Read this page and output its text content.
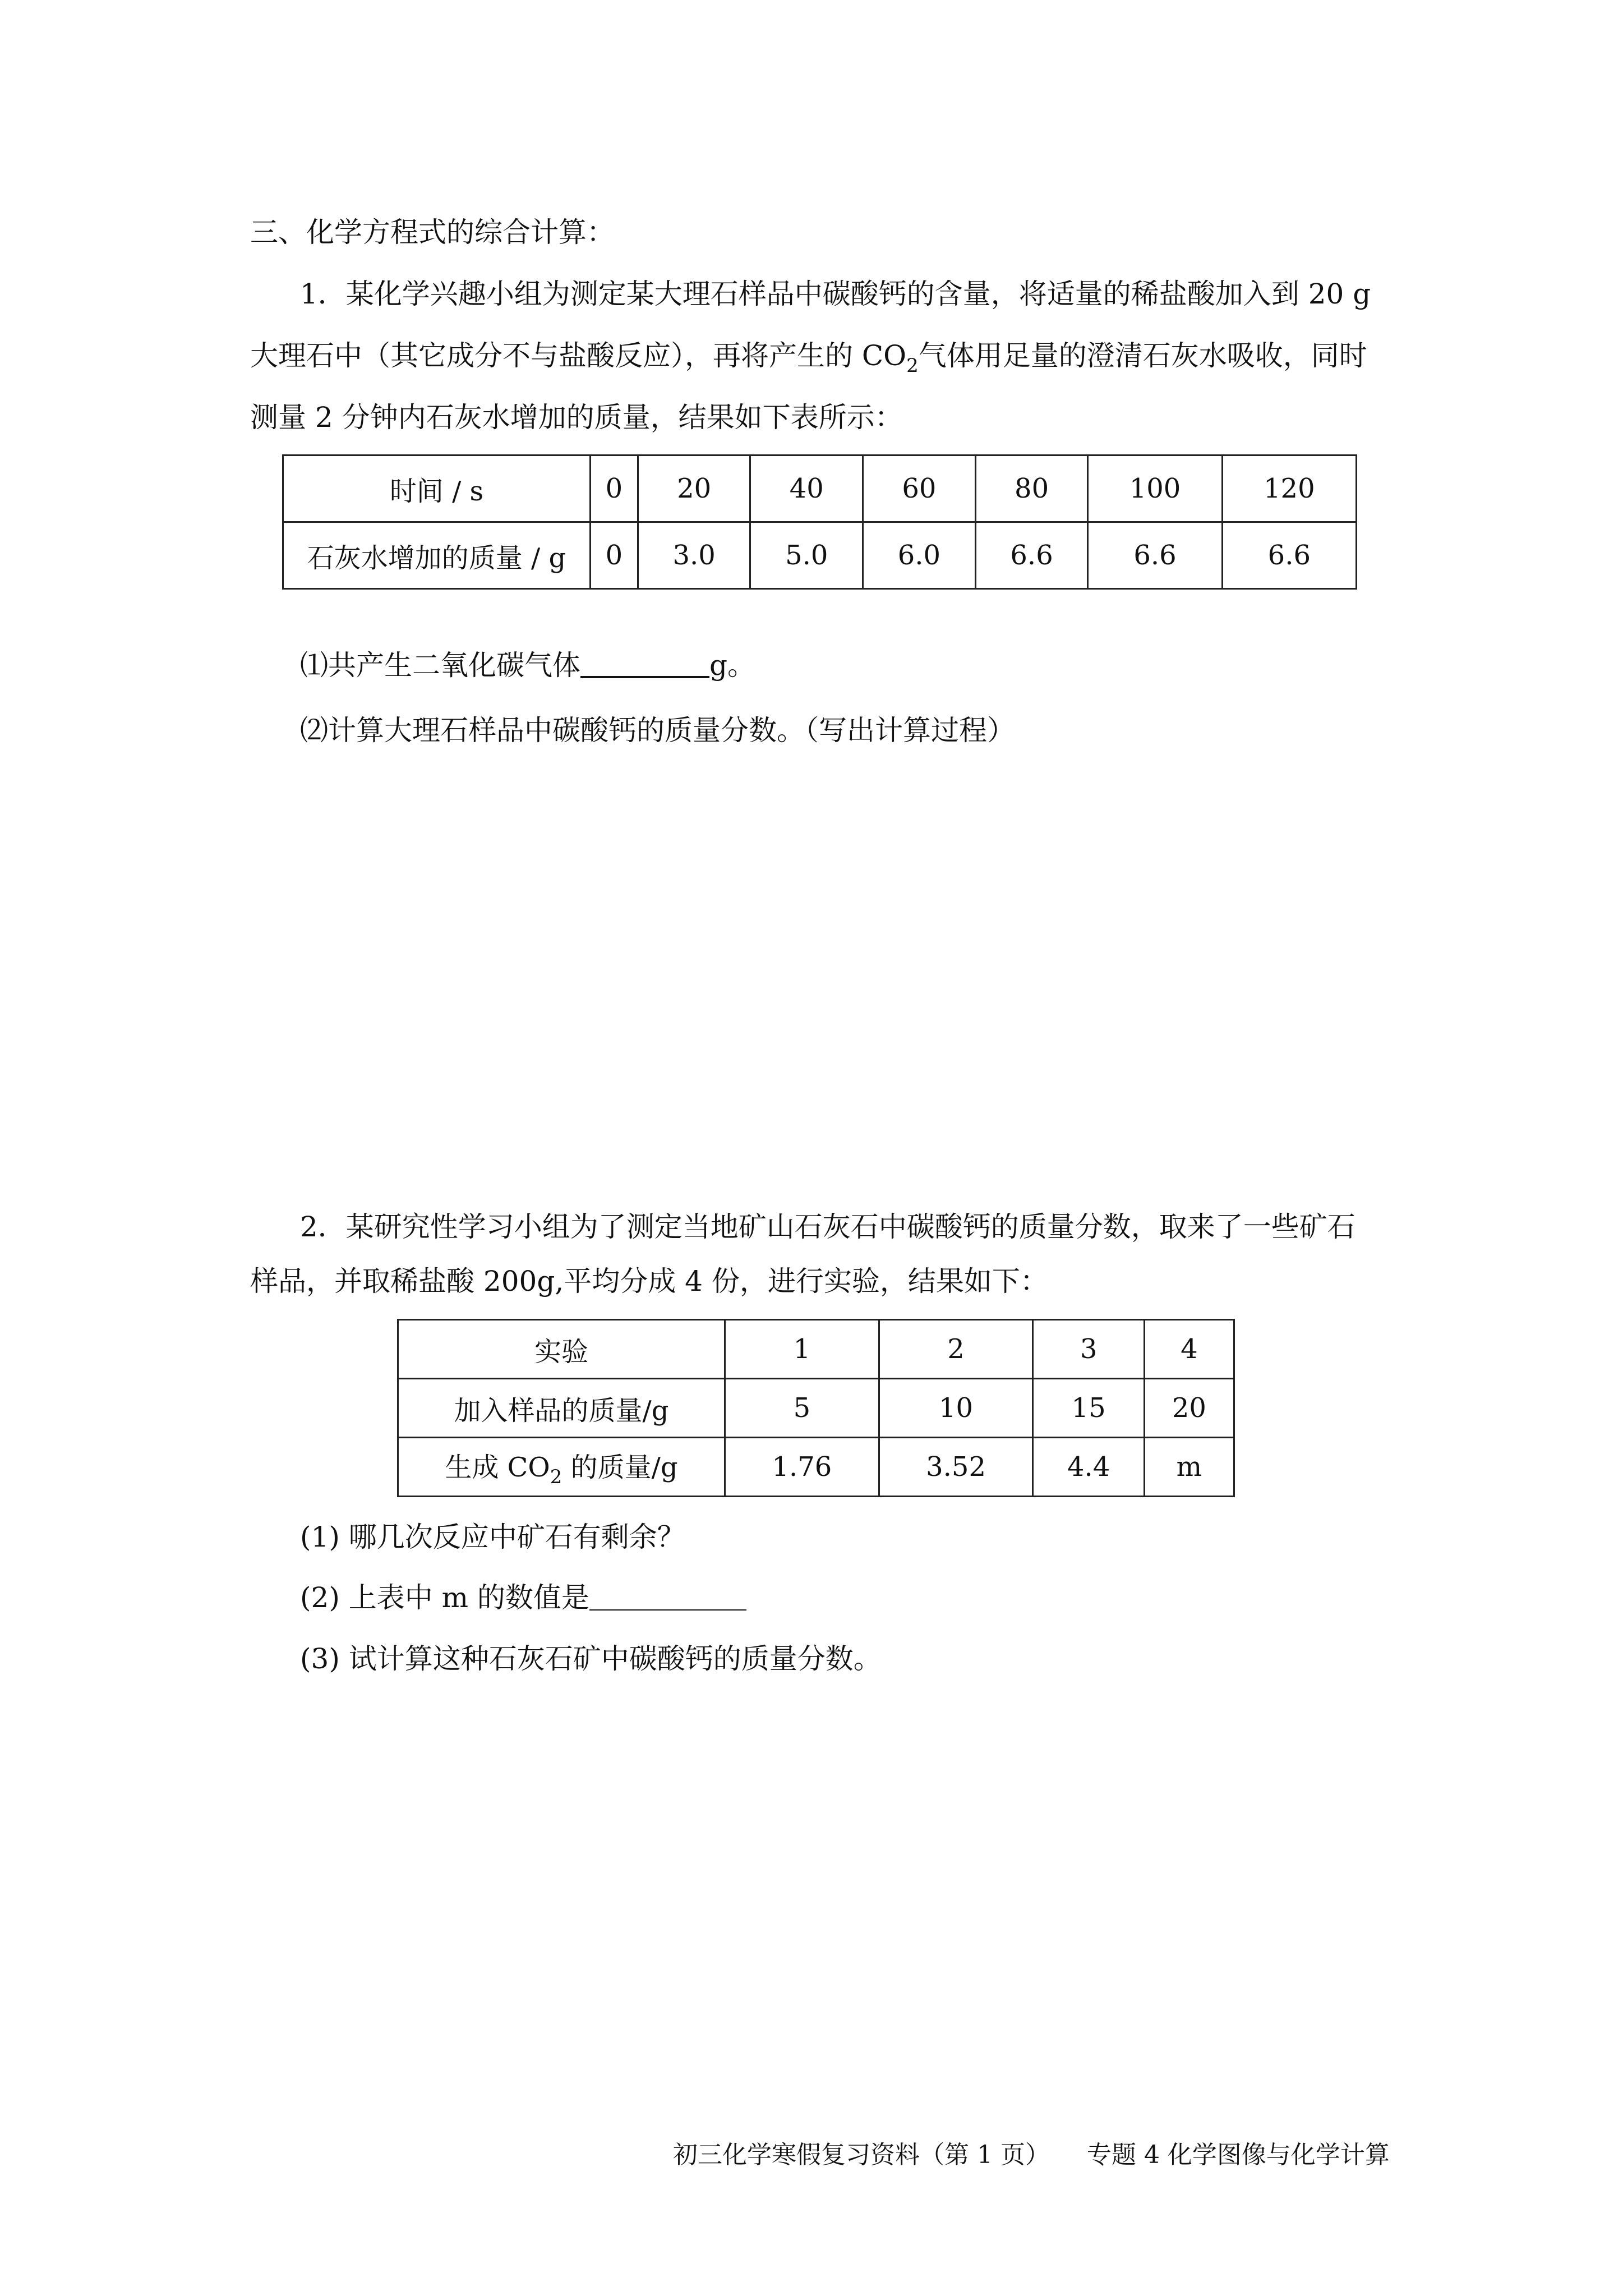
三、化学方程式的综合计算：
1．某化学兴趣小组为测定某大理石样品中碳酸钙的含量，将适量的稀盐酸加入到 20 g
大理石中（其它成分不与盐酸反应），再将产生的 $CO_2$气体用足量的澄清石灰水吸收，同时
测量 2 分钟内石灰水增加的质量，结果如下表所示：
时间 / s	0	20	40	60	80	100	120
石灰水增加的质量 / g	0	3.0	5.0	6.0	6.6	6.6	6.6
⑴共产生二氧化碳气体	g。
⑵计算大理石样品中碳酸钙的质量分数。（写出计算过程）
2．某研究性学习小组为了测定当地矿山石灰石中碳酸钙的质量分数，取来了一些矿石
样品，并取稀盐酸 200g,平均分成 4 份，进行实验，结果如下：
实验	1	2	3	4
加入样品的质量/g	5	10	15	20
生成 $CO_2$ 的质量/g	1.76	3.52	4.4	m
(1) 哪几次反应中矿石有剩余？
(2) 上表中 m 的数值是
(3) 试计算这种石灰石矿中碳酸钙的质量分数。
初三化学寒假复习资料（第 1 页）　　专题 4 化学图像与化学计算
